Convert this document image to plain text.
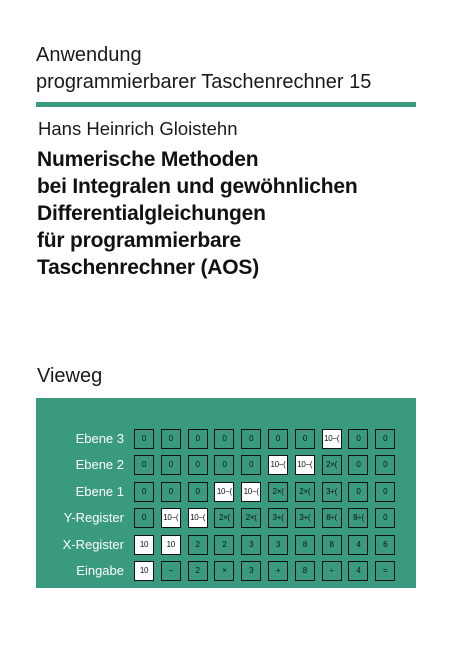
Anwendung
programmierbarer Taschenrechner 15
Hans Heinrich Gloistehn
Numerische Methoden
bei Integralen und gewöhnlichen
Differentialgleichungen
für programmierbare
Taschenrechner (AOS)
Vieweg
Ebene 3	0	0	0	0	0	0	0	10−(	0	0
Ebene 2	0	0	0	0	0	10−(	10−(	2×(	0	0
Ebene 1	0	0	0	10−(	10−(	2×(	2×(	3+(	0	0
Y-Register	0	10−(	10−(	2×(	2×(	3+(	3+(	8÷(	8÷(	0
X-Register	10	10	2	2	3	3	8	8	4	6
Eingabe	10	−	2	×	3	+	8	÷	4	=
